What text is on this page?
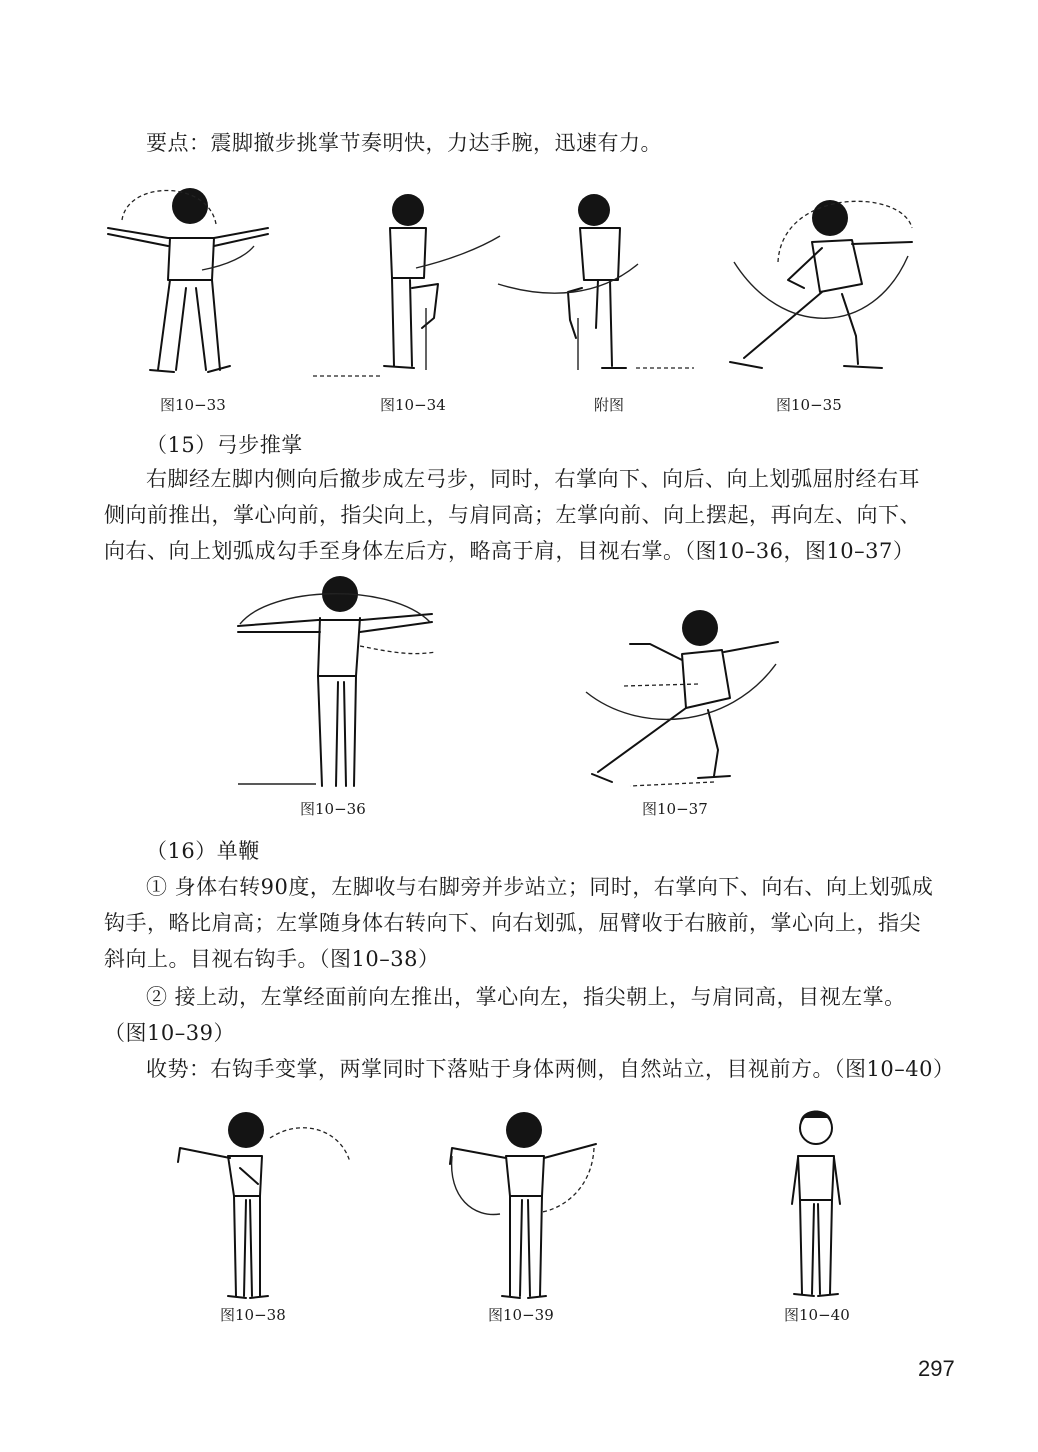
要点：震脚撤步挑掌节奏明快，力达手腕，迅速有力。
（15）弓步推掌
右脚经左脚内侧向后撤步成左弓步，同时，右掌向下、向后、向上划弧屈肘经右耳
侧向前推出，掌心向前，指尖向上，与肩同高；左掌向前、向上摆起，再向左、向下、
向右、向上划弧成勾手至身体左后方，略高于肩，目视右掌。（图10–36，图10–37）
（16）单鞭
① 身体右转90度，左脚收与右脚旁并步站立；同时，右掌向下、向右、向上划弧成
钩手，略比肩高；左掌随身体右转向下、向右划弧，屈臂收于右腋前，掌心向上，指尖
斜向上。目视右钩手。（图10–38）
② 接上动，左掌经面前向左推出，掌心向左，指尖朝上，与肩同高，目视左掌。
（图10–39）
收势：右钩手变掌，两掌同时下落贴于身体两侧，自然站立，目视前方。（图10–40）
图10−33	图10−34	附图	图10−35
图10−36	图10−37
图10−38	图10−39	图10−40
297
